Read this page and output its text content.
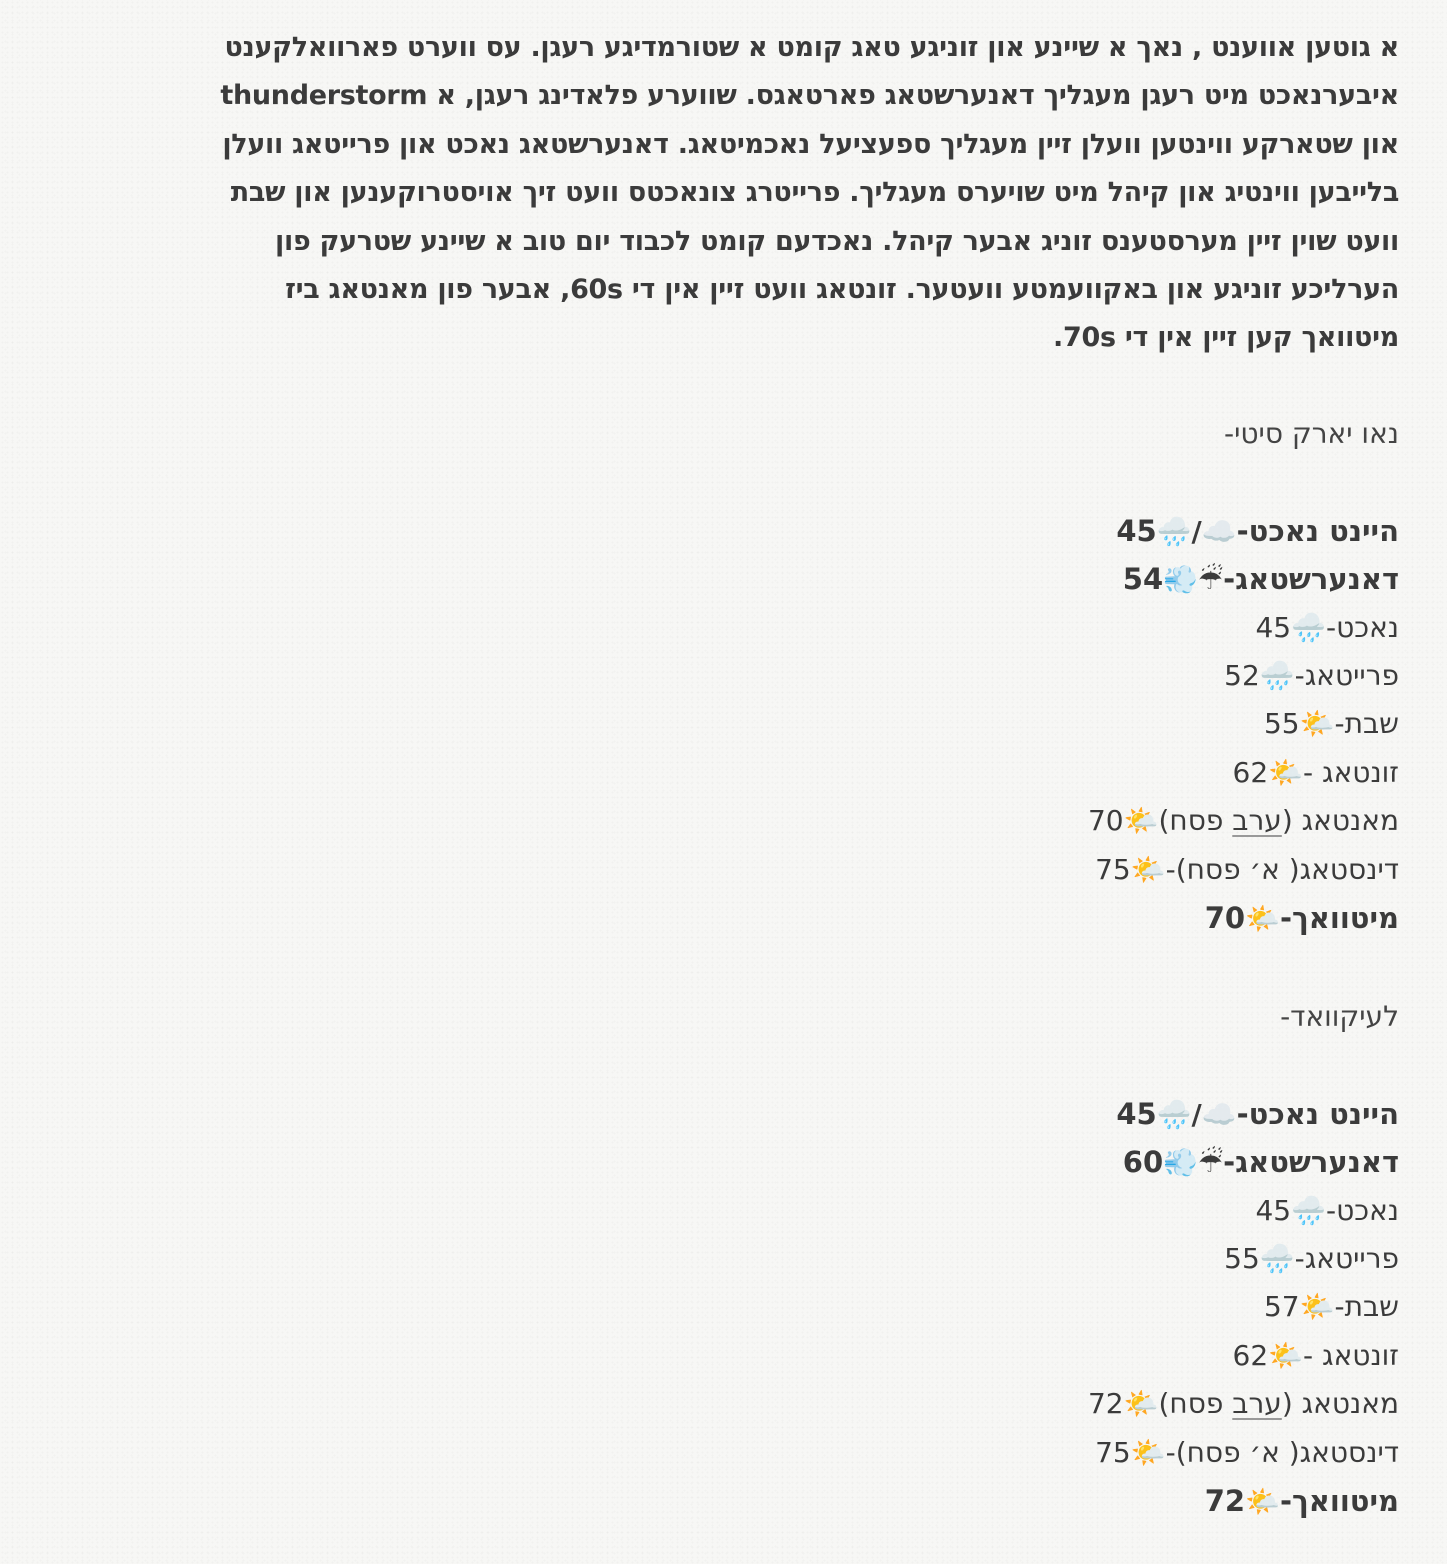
א גוטען אווענט , נאך א שיינע און זוניגע טאג קומט א שטורמדיגע רעגן. עס ווערט פארוואלקענט
איבערנאכט מיט רעגן מעגליך דאנערשטאג פארטאגס. שווערע פלאדינג רעגן, א thunderstorm
און שטארקע ווינטען וועלן זיין מעגליך ספעציעל נאכמיטאג. דאנערשטאג נאכט און פרייטאג וועלן
בלייבען ווינטיג און קיהל מיט שויערס מעגליך. פרייטרג צונאכטס וועט זיך אויסטרוקענען און שבת
וועט שוין זיין מערסטענס זוניג אבער קיהל. נאכדעם קומט לכבוד יום טוב א שיינע שטרעק פון
הערליכע זוניגע און באקוועמטע וועטער. זונטאג וועט זיין אין די 60s, אבער פון מאנטאג ביז
מיטוואך קען זיין אין די 70s.
נאו יארק סיטי-
היינט נאכט-☁️/🌧️45
דאנערשטאג-☔💨54
נאכט-🌧️45
פרייטאג-🌧️52
שבת-🌤️55
זונטאג -🌤️62
מאנטאג (ערב פסח)🌤️70
דינסטאג( א׳ פסח)-🌤️75
מיטוואך-🌤️70
לעיקוואד-
היינט נאכט-☁️/🌧️45
דאנערשטאג-☔💨60
נאכט-🌧️45
פרייטאג-🌧️55
שבת-🌤️57
זונטאג -🌤️62
מאנטאג (ערב פסח)🌤️72
דינסטאג( א׳ פסח)-🌤️75
מיטוואך-🌤️72
